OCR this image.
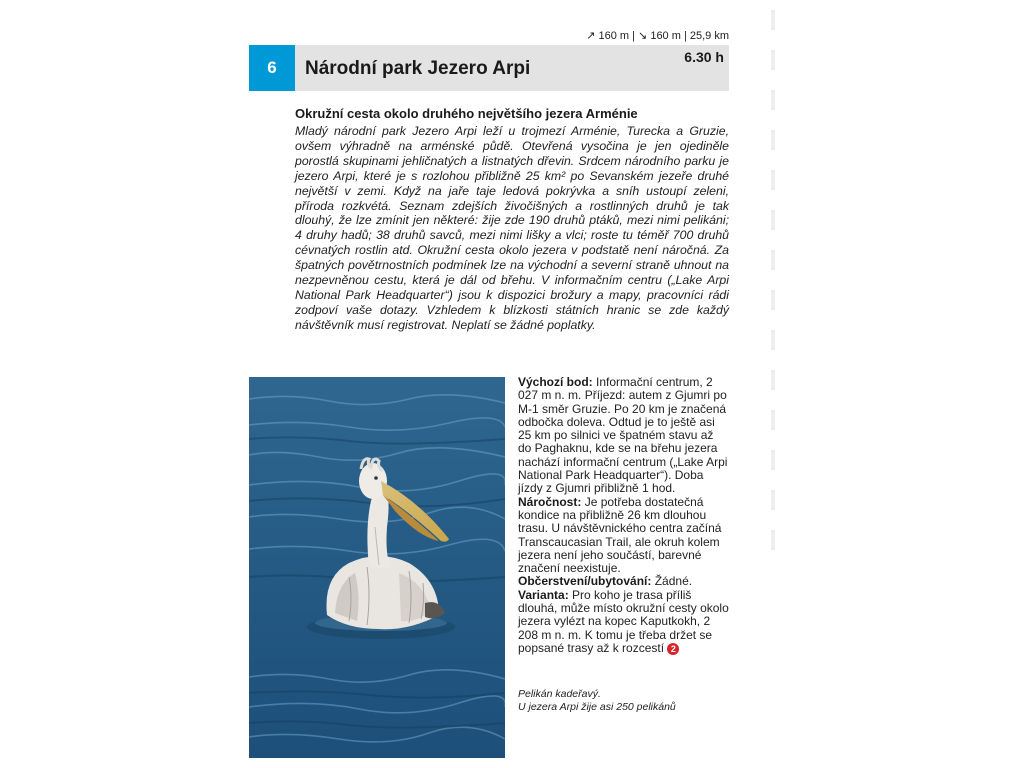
↗ 160 m | ↘ 160 m | 25,9 km
6	Národní park Jezero Arpi
6.30 h
Okružní cesta okolo druhého největšího jezera Arménie

Mladý národní park Jezero Arpi leží u trojmezí Arménie, Turecka a Gruzie, ovšem výhradně na arménské půdě. Otevřená vysočina je jen ojediněle porostlá skupinami jehličnatých a listnatých dřevin. Srdcem národního parku je jezero Arpi, které je s rozlohou přibližně 25 km² po Sevanském jezeře druhé největší v zemi. Když na jaře taje ledová pokrývka a sníh ustoupí zeleni, příroda rozkvétá. Seznam zdejších živočišných a rostlinných druhů je tak dlouhý, že lze zmínit jen některé: žije zde 190 druhů ptáků, mezi nimi pelikáni; 4 druhy hadů; 38 druhů savců, mezi nimi lišky a vlci; roste tu téměř 700 druhů cévnatých rostlin atd. Okružní cesta okolo jezera v podstatě není náročná. Za špatných povětrnostních podmínek lze na východní a severní straně uhnout na nezpevněnou cestu, která je dál od břehu. V informačním centru („Lake Arpi National Park Headquarter“) jsou k dispozici brožury a mapy, pracovníci rádi zodpoví vaše dotazy. Vzhledem k blízkosti státních hranic se zde každý návštěvník musí registrovat. Neplatí se žádné poplatky.

Výchozí bod: Informační centrum, 2 027 m n. m. Příjezd: autem z Gjumri po M-1 směr Gruzie. Po 20 km je značená odbočka doleva. Odtud je to ještě asi 25 km po silnici ve špatném stavu až do Paghaknu, kde se na břehu jezera nachází informační centrum („Lake Arpi National Park Headquarter“). Doba jízdy z Gjumri přibližně 1 hod.

Náročnost: Je potřeba dostatečná kondice na přibližně 26 km dlouhou trasu. U návštěvnického centra začíná Transcaucasian Trail, ale okruh kolem jezera není jeho součástí, barevné značení neexistuje.

Občerstvení/ubytování: Žádné.

Varianta: Pro koho je trasa příliš dlouhá, může místo okružní cesty okolo jezera vylézt na kopec Kaputkokh, 2 208 m n. m. K tomu je třeba držet se popsané trasy až k rozcestí 2

Pelikán kadeřavý.
U jezera Arpi žije asi 250 pelikánů
